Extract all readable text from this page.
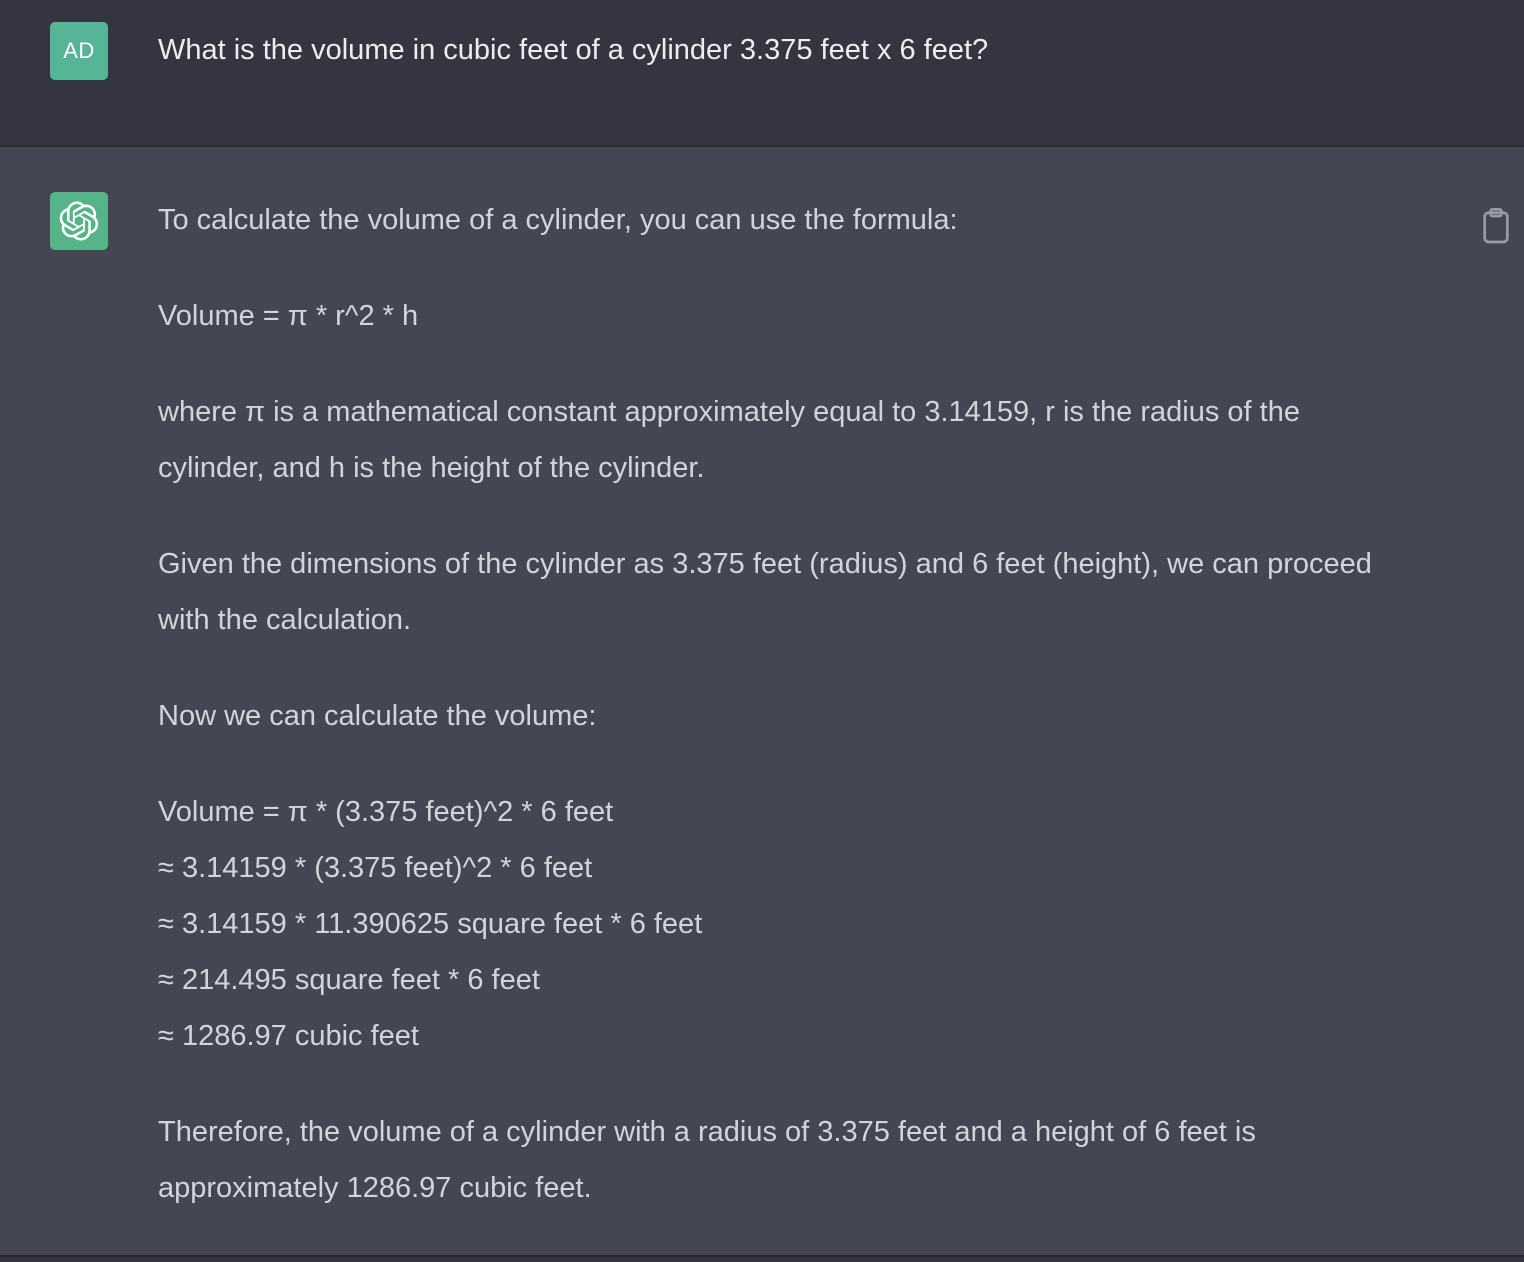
AD	What is the volume in cubic feet of a cylinder 3.375 feet x 6 feet?

To calculate the volume of a cylinder, you can use the formula:

Volume = π * r^2 * h

where π is a mathematical constant approximately equal to 3.14159, r is the radius of the cylinder, and h is the height of the cylinder.

Given the dimensions of the cylinder as 3.375 feet (radius) and 6 feet (height), we can proceed with the calculation.

Now we can calculate the volume:

Volume = π * (3.375 feet)^2 * 6 feet
≈ 3.14159 * (3.375 feet)^2 * 6 feet
≈ 3.14159 * 11.390625 square feet * 6 feet
≈ 214.495 square feet * 6 feet
≈ 1286.97 cubic feet

Therefore, the volume of a cylinder with a radius of 3.375 feet and a height of 6 feet is approximately 1286.97 cubic feet.
